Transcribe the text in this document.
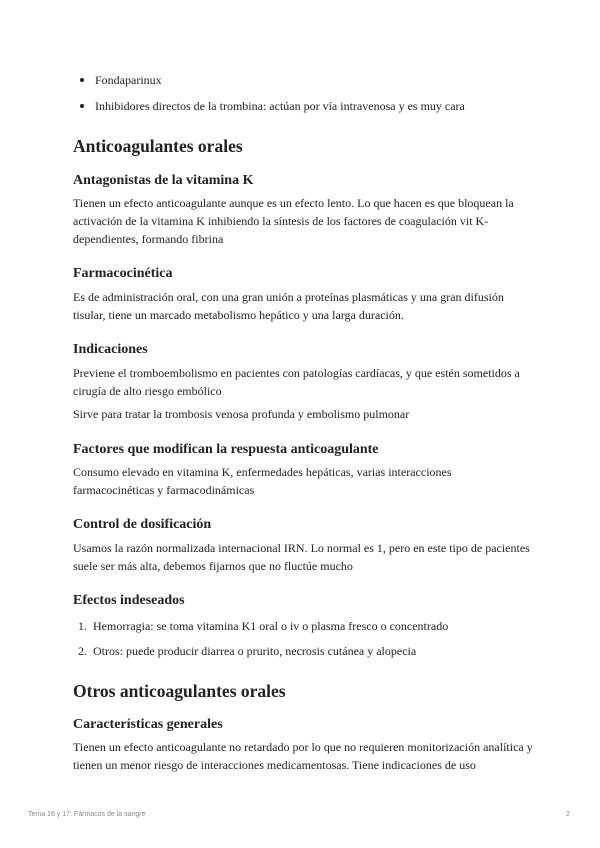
Fondaparinux
Inhibidores directos de la trombina: actúan por vía intravenosa y es muy cara
Anticoagulantes orales
Antagonistas de la vitamina K

Tienen un efecto anticoagulante aunque es un efecto lento. Lo que hacen es que bloquean la activación de la vitamina K inhibiendo la síntesis de los factores de coagulación vit K-dependientes, formando fibrina

Farmacocinética

Es de administración oral, con una gran unión a proteínas plasmáticas y una gran difusión tisular, tiene un marcado metabolismo hepático y una larga duración.

Indicaciones

Previene el tromboembolismo en pacientes con patologías cardíacas, y que estén sometidos a cirugía de alto riesgo embólico

Sirve para tratar la trombosis venosa profunda y embolismo pulmonar

Factores que modifican la respuesta anticoagulante

Consumo elevado en vitamina K, enfermedades hepáticas, varias interacciones farmacocinéticas y farmacodinámicas

Control de dosificación

Usamos la razón normalizada internacional IRN. Lo normal es 1, pero en este tipo de pacientes suele ser más alta, debemos fijarnos que no fluctúe mucho

Efectos indeseados
1. Hemorragia: se toma vitamina K1 oral o iv o plasma fresco o concentrado
2. Otros: puede producir diarrea o prurito, necrosis cutánea y alopecia
Otros anticoagulantes orales
Características generales

Tienen un efecto anticoagulante no retardado por lo que no requieren monitorización analítica y tienen un menor riesgo de interacciones medicamentosas. Tiene indicaciones de uso

Tema 16 y 17: Fármacos de la sangre	2
